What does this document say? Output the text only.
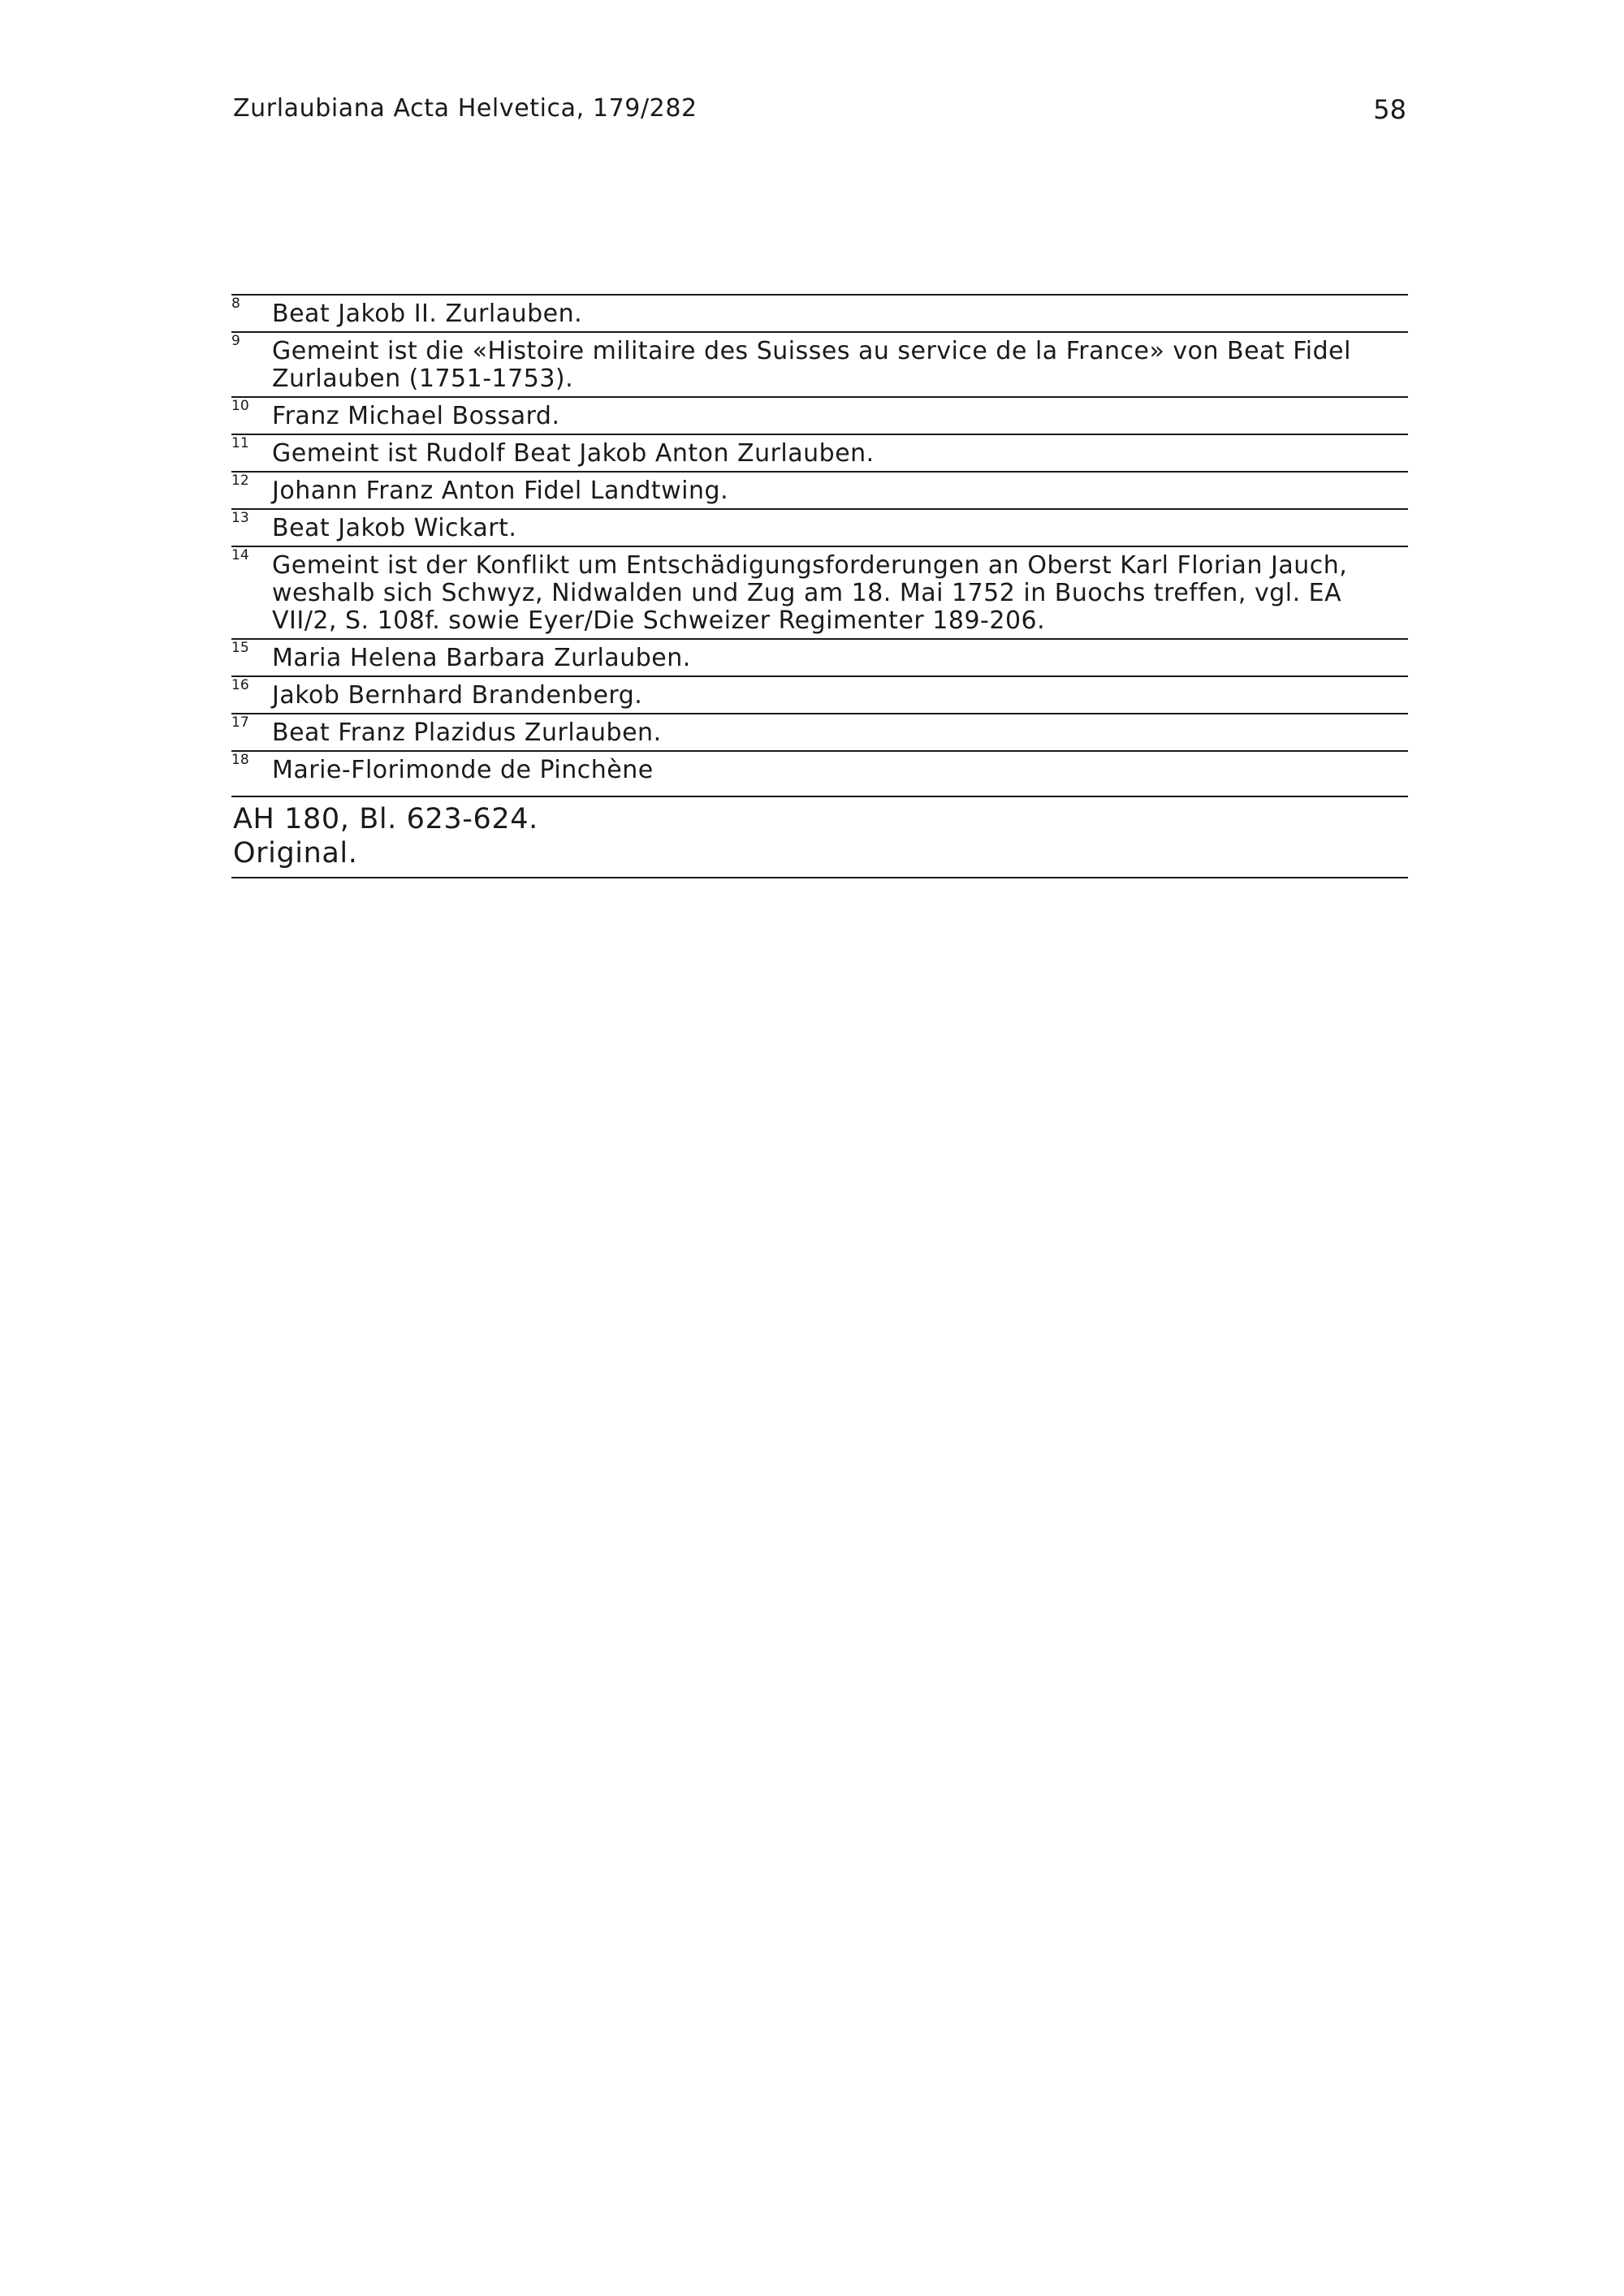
Zurlaubiana Acta Helvetica, 179/282	58
8 Beat Jakob II. Zurlauben.
9 Gemeint ist die «Histoire militaire des Suisses au service de la France» von Beat Fidel Zurlauben (1751-1753).
10 Franz Michael Bossard.
11 Gemeint ist Rudolf Beat Jakob Anton Zurlauben.
12 Johann Franz Anton Fidel Landtwing.
13 Beat Jakob Wickart.
14 Gemeint ist der Konflikt um Entschädigungsforderungen an Oberst Karl Florian Jauch, weshalb sich Schwyz, Nidwalden und Zug am 18. Mai 1752 in Buochs treffen, vgl. EA VII/2, S. 108f. sowie Eyer/Die Schweizer Regimenter 189-206.
15 Maria Helena Barbara Zurlauben.
16 Jakob Bernhard Brandenberg.
17 Beat Franz Plazidus Zurlauben.
18 Marie-Florimonde de Pinchène
AH 180, Bl. 623-624.
Original.
